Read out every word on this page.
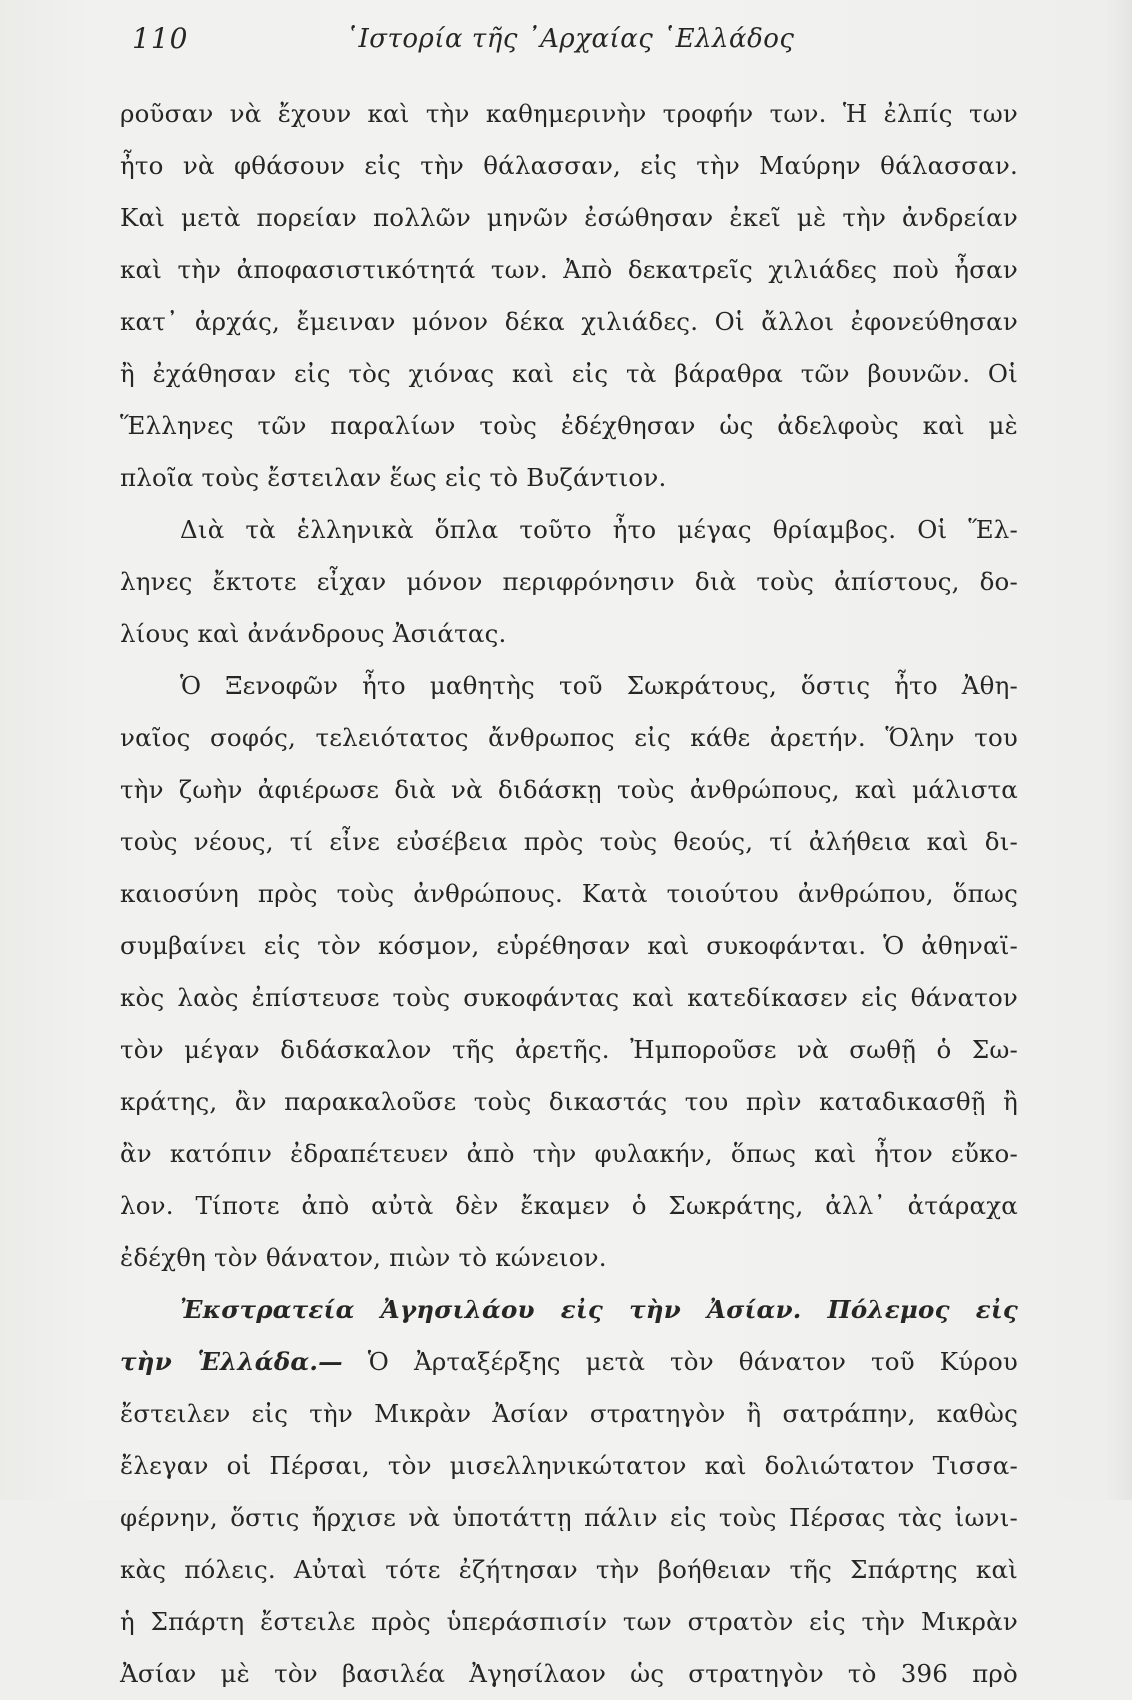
110	῾Ιστορία τῆς ᾽Αρχαίας ῾Ελλάδος
ροῦσαν νὰ ἔχουν καὶ τὴν καθημερινὴν τροφήν των. Ἡ ἐλπίς των
ἦτο νὰ φθάσουν εἰς τὴν θάλασσαν, εἰς τὴν Μαύρην θάλασσαν.
Καὶ μετὰ πορείαν πολλῶν μηνῶν ἐσώθησαν ἐκεῖ μὲ τὴν ἀνδρείαν
καὶ τὴν ἀποφασιστικότητά των. Ἀπὸ δεκατρεῖς χιλιάδες ποὺ ἦσαν
κατ᾿ ἀρχάς, ἔμειναν μόνον δέκα χιλιάδες. Οἱ ἄλλοι ἐφονεύθησαν
ἢ ἐχάθησαν εἰς τὸς χιόνας καὶ εἰς τὰ βάραθρα τῶν βουνῶν. Οἱ
Ἕλληνες τῶν παραλίων τοὺς ἐδέχθησαν ὡς ἀδελφοὺς καὶ μὲ
πλοῖα τοὺς ἔστειλαν ἕως εἰς τὸ Βυζάντιον.
Διὰ τὰ ἑλληνικὰ ὅπλα τοῦτο ἦτο μέγας θρίαμβος. Οἱ Ἕλ-
ληνες ἔκτοτε εἶχαν μόνον περιφρόνησιν διὰ τοὺς ἀπίστους, δο-
λίους καὶ ἀνάνδρους Ἀσιάτας.
Ὁ Ξενοφῶν ἦτο μαθητὴς τοῦ Σωκράτους, ὅστις ἦτο Ἀθη-
ναῖος σοφός, τελειότατος ἄνθρωπος εἰς κάθε ἀρετήν. Ὅλην του
τὴν ζωὴν ἀφιέρωσε διὰ νὰ διδάσκῃ τοὺς ἀνθρώπους, καὶ μάλιστα
τοὺς νέους, τί εἶνε εὐσέβεια πρὸς τοὺς θεούς, τί ἀλήθεια καὶ δι-
καιοσύνη πρὸς τοὺς ἀνθρώπους. Κατὰ τοιούτου ἀνθρώπου, ὅπως
συμβαίνει εἰς τὸν κόσμον, εὑρέθησαν καὶ συκοφάνται. Ὁ ἀθηναϊ-
κὸς λαὸς ἐπίστευσε τοὺς συκοφάντας καὶ κατεδίκασεν εἰς θάνατον
τὸν μέγαν διδάσκαλον τῆς ἀρετῆς. Ἠμποροῦσε νὰ σωθῇ ὁ Σω-
κράτης, ἂν παρακαλοῦσε τοὺς δικαστάς του πρὶν καταδικασθῇ ἢ
ἂν κατόπιν ἐδραπέτευεν ἀπὸ τὴν φυλακήν, ὅπως καὶ ἦτον εὔκο-
λον. Τίποτε ἀπὸ αὐτὰ δὲν ἔκαμεν ὁ Σωκράτης, ἀλλ᾿ ἀτάραχα
ἐδέχθη τὸν θάνατον, πιὼν τὸ κώνειον.
Ἐκστρατεία Ἀγησιλάου εἰς τὴν Ἀσίαν. Πόλεμος εἰς
τὴν Ἑλλάδα.— Ὁ Ἀρταξέρξης μετὰ τὸν θάνατον τοῦ Κύρου
ἔστειλεν εἰς τὴν Μικρὰν Ἀσίαν στρατηγὸν ἢ σατράπην, καθὼς
ἔλεγαν οἱ Πέρσαι, τὸν μισελληνικώτατον καὶ δολιώτατον Τισσα-
φέρνην, ὅστις ἤρχισε νὰ ὑποτάττῃ πάλιν εἰς τοὺς Πέρσας τὰς ἰωνι-
κὰς πόλεις. Αὐταὶ τότε ἐζήτησαν τὴν βοήθειαν τῆς Σπάρτης καὶ
ἡ Σπάρτη ἔστειλε πρὸς ὑπεράσπισίν των στρατὸν εἰς τὴν Μικρὰν
Ἀσίαν μὲ τὸν βασιλέα Ἀγησίλαον ὡς στρατηγὸν τὸ 396 πρὸ
